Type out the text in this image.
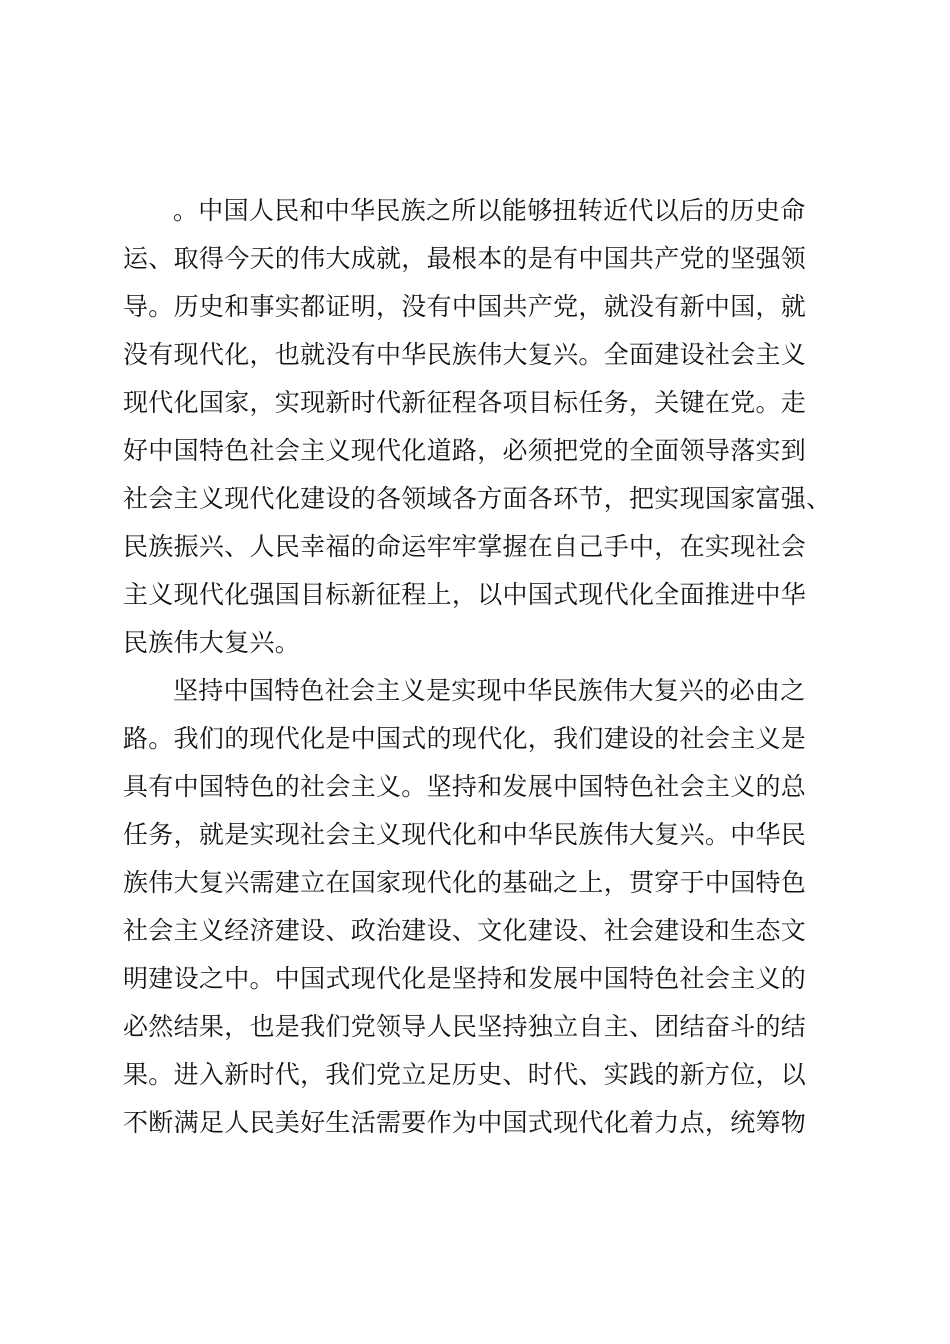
。中国人民和中华民族之所以能够扭转近代以后的历史命
运、取得今天的伟大成就，最根本的是有中国共产党的坚强领
导。历史和事实都证明，没有中国共产党，就没有新中国，就
没有现代化，也就没有中华民族伟大复兴。全面建设社会主义
现代化国家，实现新时代新征程各项目标任务，关键在党。走
好中国特色社会主义现代化道路，必须把党的全面领导落实到
社会主义现代化建设的各领域各方面各环节，把实现国家富强、
民族振兴、人民幸福的命运牢牢掌握在自己手中，在实现社会
主义现代化强国目标新征程上，以中国式现代化全面推进中华
民族伟大复兴。
坚持中国特色社会主义是实现中华民族伟大复兴的必由之
路。我们的现代化是中国式的现代化，我们建设的社会主义是
具有中国特色的社会主义。坚持和发展中国特色社会主义的总
任务，就是实现社会主义现代化和中华民族伟大复兴。中华民
族伟大复兴需建立在国家现代化的基础之上，贯穿于中国特色
社会主义经济建设、政治建设、文化建设、社会建设和生态文
明建设之中。中国式现代化是坚持和发展中国特色社会主义的
必然结果，也是我们党领导人民坚持独立自主、团结奋斗的结
果。进入新时代，我们党立足历史、时代、实践的新方位，以
不断满足人民美好生活需要作为中国式现代化着力点，统筹物
